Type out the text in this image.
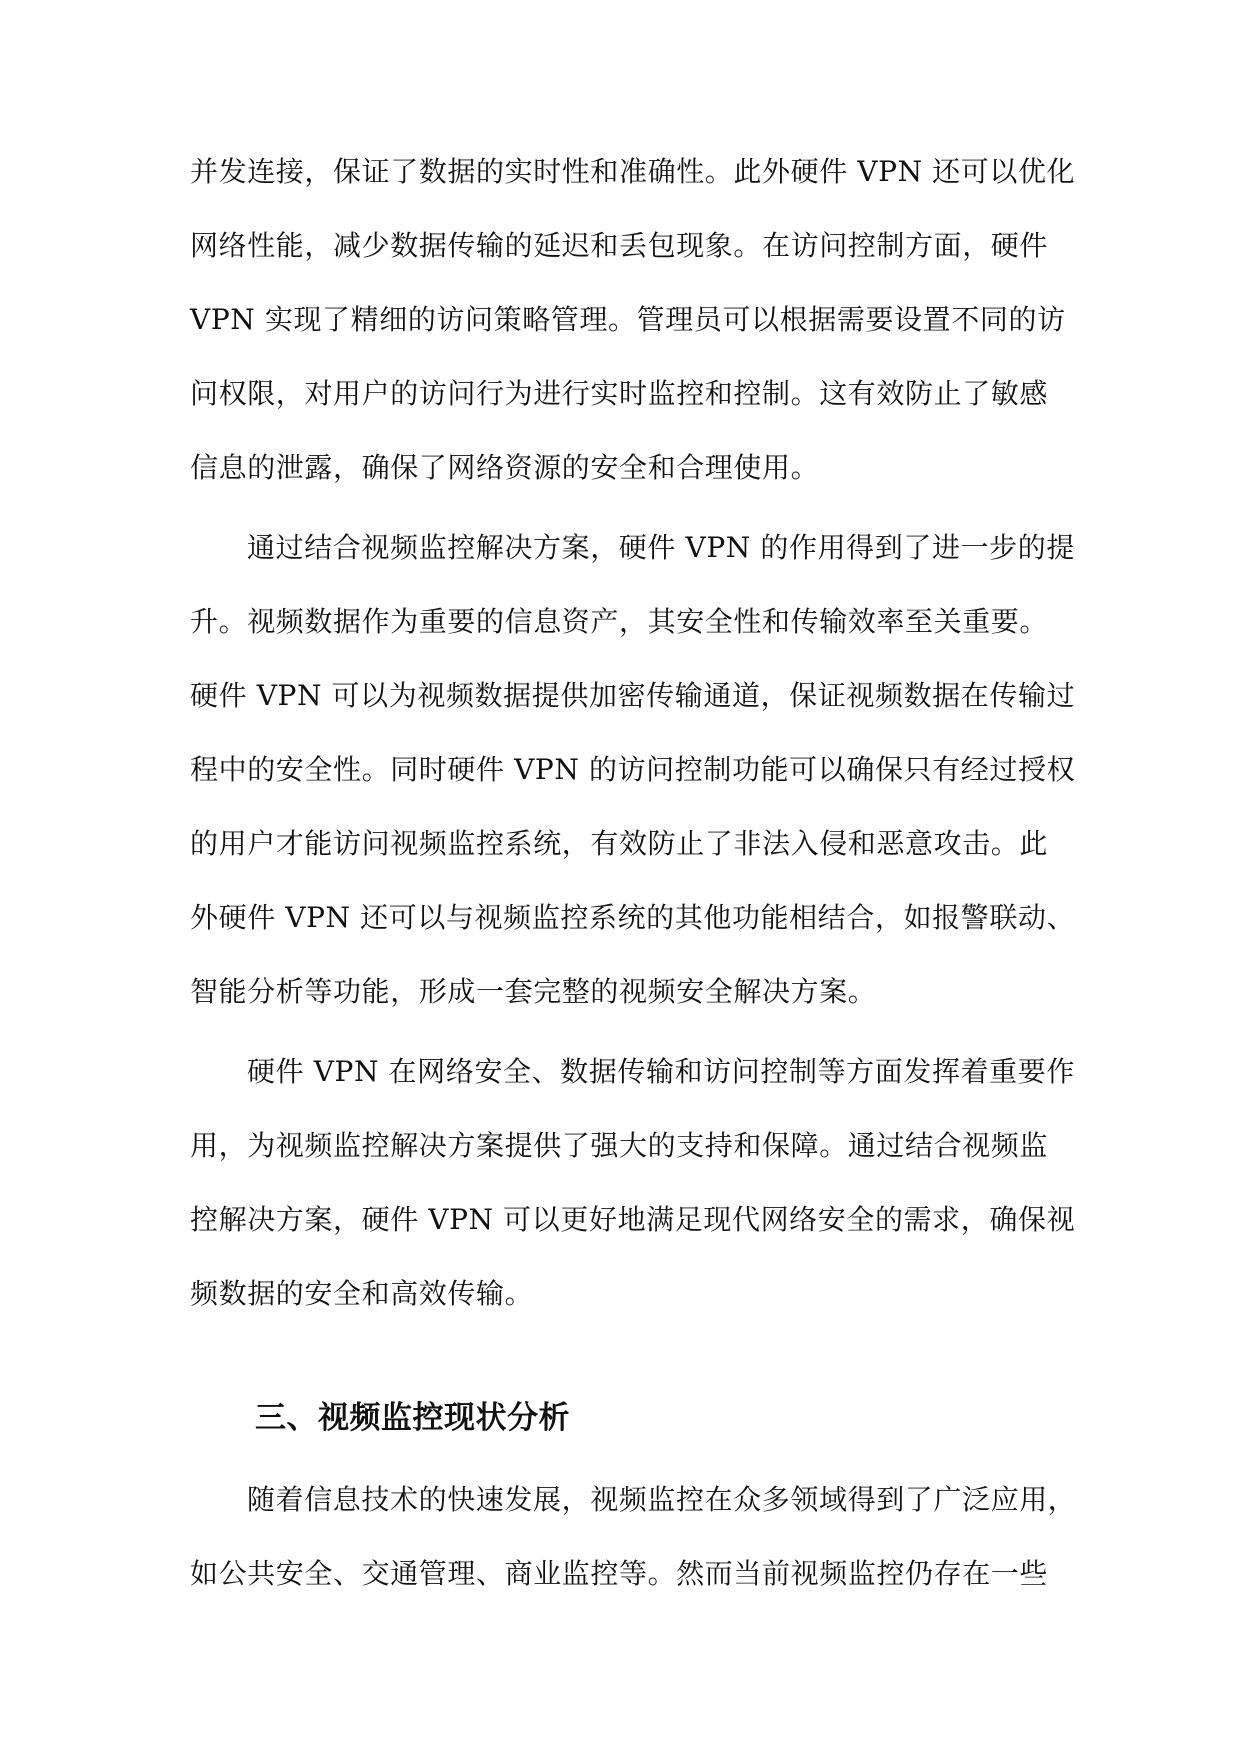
并发连接，保证了数据的实时性和准确性。此外硬件 VPN 还可以优化
网络性能，减少数据传输的延迟和丢包现象。在访问控制方面，硬件
VPN 实现了精细的访问策略管理。管理员可以根据需要设置不同的访
问权限，对用户的访问行为进行实时监控和控制。这有效防止了敏感
信息的泄露，确保了网络资源的安全和合理使用。
通过结合视频监控解决方案，硬件 VPN 的作用得到了进一步的提
升。视频数据作为重要的信息资产，其安全性和传输效率至关重要。
硬件 VPN 可以为视频数据提供加密传输通道，保证视频数据在传输过
程中的安全性。同时硬件 VPN 的访问控制功能可以确保只有经过授权
的用户才能访问视频监控系统，有效防止了非法入侵和恶意攻击。此
外硬件 VPN 还可以与视频监控系统的其他功能相结合，如报警联动、
智能分析等功能，形成一套完整的视频安全解决方案。
硬件 VPN 在网络安全、数据传输和访问控制等方面发挥着重要作
用，为视频监控解决方案提供了强大的支持和保障。通过结合视频监
控解决方案，硬件 VPN 可以更好地满足现代网络安全的需求，确保视
频数据的安全和高效传输。
三、视频监控现状分析
随着信息技术的快速发展，视频监控在众多领域得到了广泛应用，
如公共安全、交通管理、商业监控等。然而当前视频监控仍存在一些
